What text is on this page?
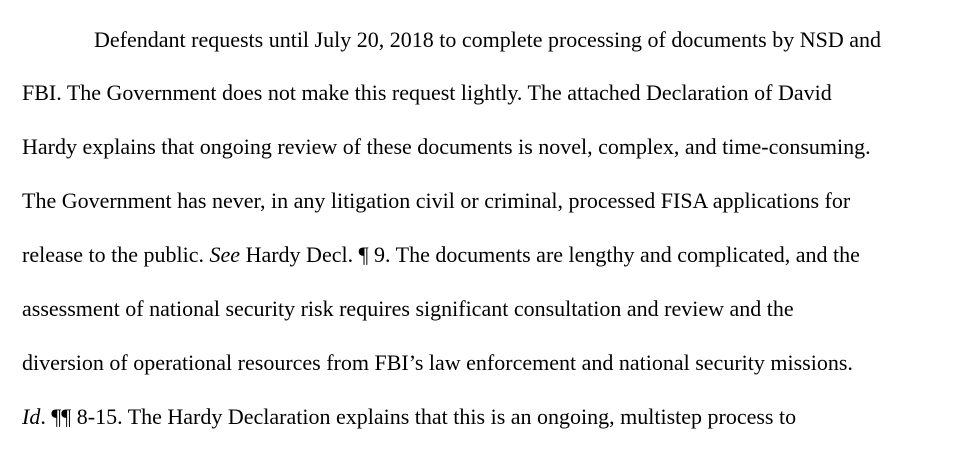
Defendant requests until July 20, 2018 to complete processing of documents by NSD and
FBI. The Government does not make this request lightly. The attached Declaration of David
Hardy explains that ongoing review of these documents is novel, complex, and time-consuming.
The Government has never, in any litigation civil or criminal, processed FISA applications for
release to the public. See Hardy Decl. ¶ 9. The documents are lengthy and complicated, and the
assessment of national security risk requires significant consultation and review and the
diversion of operational resources from FBI’s law enforcement and national security missions.
Id. ¶¶ 8-15. The Hardy Declaration explains that this is an ongoing, multistep process to
